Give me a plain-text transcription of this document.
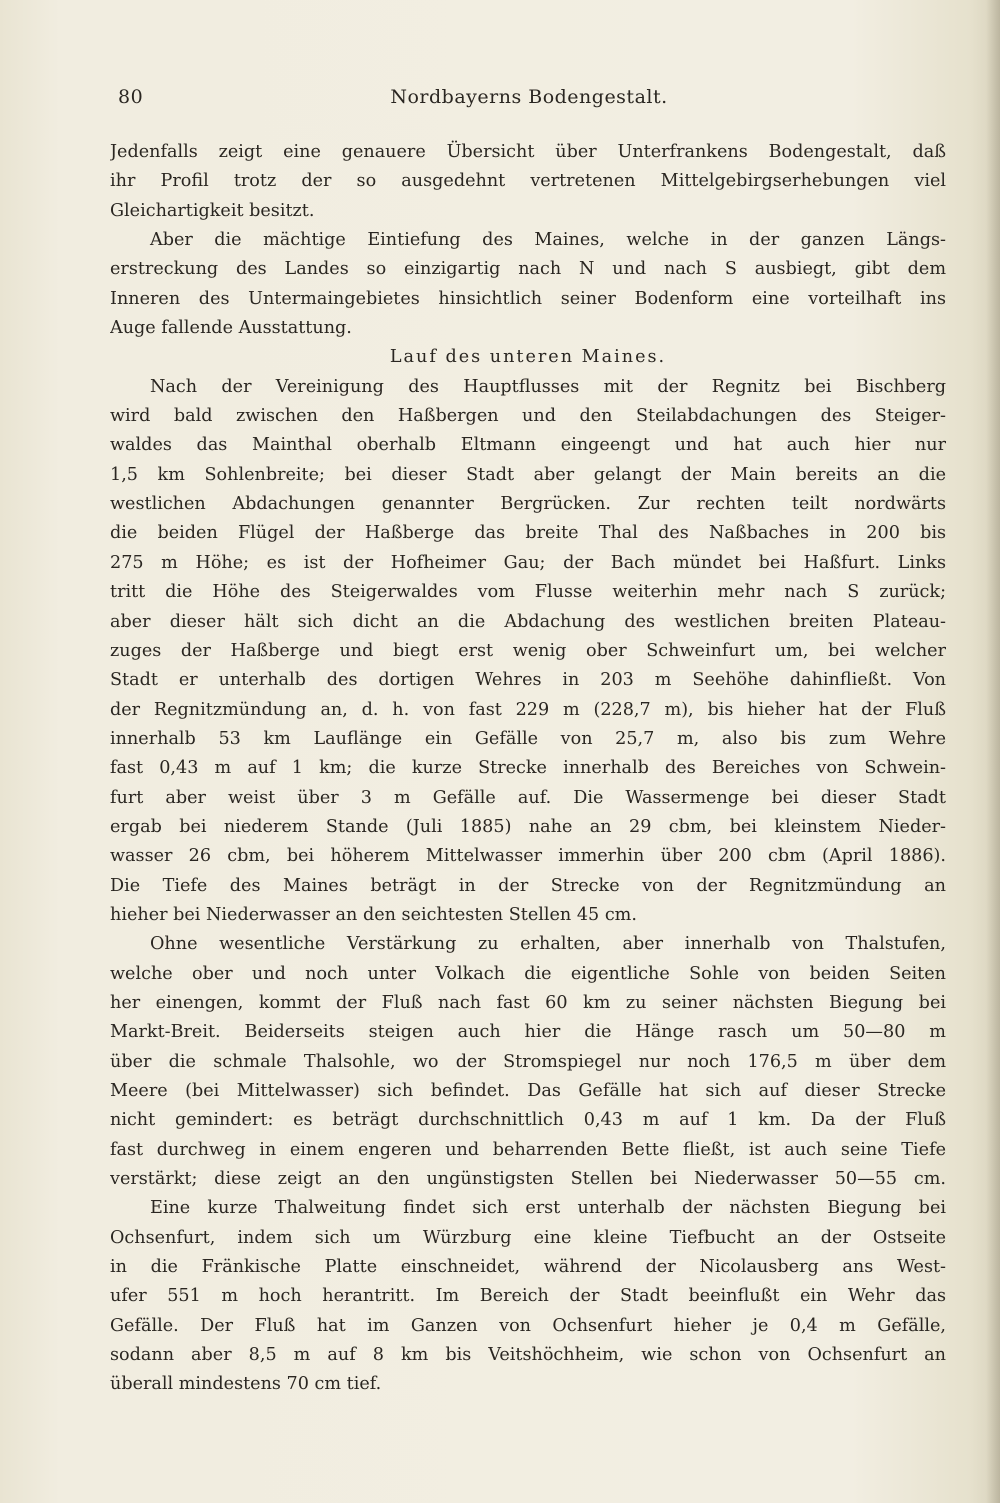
80	Nordbayerns Bodengestalt.
Jedenfalls zeigt eine genauere Übersicht über Unterfrankens Bodengestalt, daß
ihr Profil trotz der so ausgedehnt vertretenen Mittelgebirgserhebungen viel
Gleichartigkeit besitzt.
Aber die mächtige Eintiefung des Maines, welche in der ganzen Längs-
erstreckung des Landes so einzigartig nach N und nach S ausbiegt, gibt dem
Inneren des Untermaingebietes hinsichtlich seiner Bodenform eine vorteilhaft ins
Auge fallende Ausstattung.
Lauf des unteren Maines.
Nach der Vereinigung des Hauptflusses mit der Regnitz bei Bischberg
wird bald zwischen den Haßbergen und den Steilabdachungen des Steiger-
waldes das Mainthal oberhalb Eltmann eingeengt und hat auch hier nur
1,5 km Sohlenbreite; bei dieser Stadt aber gelangt der Main bereits an die
westlichen Abdachungen genannter Bergrücken. Zur rechten teilt nordwärts
die beiden Flügel der Haßberge das breite Thal des Naßbaches in 200 bis
275 m Höhe; es ist der Hofheimer Gau; der Bach mündet bei Haßfurt. Links
tritt die Höhe des Steigerwaldes vom Flusse weiterhin mehr nach S zurück;
aber dieser hält sich dicht an die Abdachung des westlichen breiten Plateau-
zuges der Haßberge und biegt erst wenig ober Schweinfurt um, bei welcher
Stadt er unterhalb des dortigen Wehres in 203 m Seehöhe dahinfließt. Von
der Regnitzmündung an, d. h. von fast 229 m (228,7 m), bis hieher hat der Fluß
innerhalb 53 km Lauflänge ein Gefälle von 25,7 m, also bis zum Wehre
fast 0,43 m auf 1 km; die kurze Strecke innerhalb des Bereiches von Schwein-
furt aber weist über 3 m Gefälle auf. Die Wassermenge bei dieser Stadt
ergab bei niederem Stande (Juli 1885) nahe an 29 cbm, bei kleinstem Nieder-
wasser 26 cbm, bei höherem Mittelwasser immerhin über 200 cbm (April 1886).
Die Tiefe des Maines beträgt in der Strecke von der Regnitzmündung an
hieher bei Niederwasser an den seichtesten Stellen 45 cm.
Ohne wesentliche Verstärkung zu erhalten, aber innerhalb von Thalstufen,
welche ober und noch unter Volkach die eigentliche Sohle von beiden Seiten
her einengen, kommt der Fluß nach fast 60 km zu seiner nächsten Biegung bei
Markt-Breit. Beiderseits steigen auch hier die Hänge rasch um 50—80 m
über die schmale Thalsohle, wo der Stromspiegel nur noch 176,5 m über dem
Meere (bei Mittelwasser) sich befindet. Das Gefälle hat sich auf dieser Strecke
nicht gemindert: es beträgt durchschnittlich 0,43 m auf 1 km. Da der Fluß
fast durchweg in einem engeren und beharrenden Bette fließt, ist auch seine Tiefe
verstärkt; diese zeigt an den ungünstigsten Stellen bei Niederwasser 50—55 cm.
Eine kurze Thalweitung findet sich erst unterhalb der nächsten Biegung bei
Ochsenfurt, indem sich um Würzburg eine kleine Tiefbucht an der Ostseite
in die Fränkische Platte einschneidet, während der Nicolausberg ans West-
ufer 551 m hoch herantritt. Im Bereich der Stadt beeinflußt ein Wehr das
Gefälle. Der Fluß hat im Ganzen von Ochsenfurt hieher je 0,4 m Gefälle,
sodann aber 8,5 m auf 8 km bis Veitshöchheim, wie schon von Ochsenfurt an
überall mindestens 70 cm tief.
